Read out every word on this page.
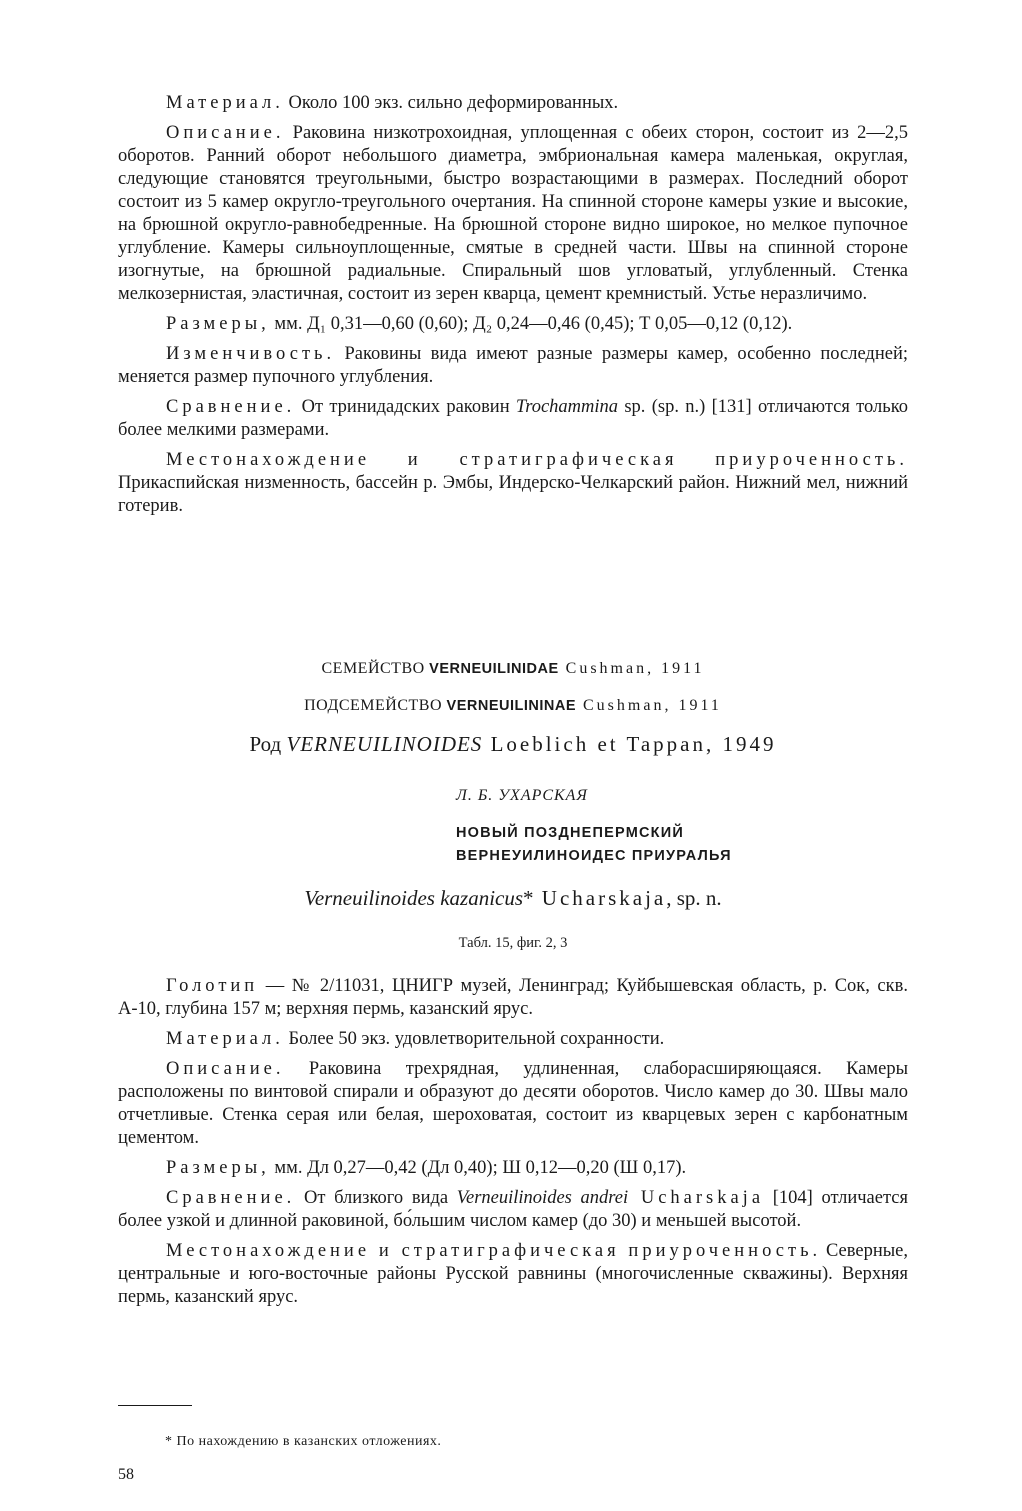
Материал. Около 100 экз. сильно деформированных.

Описание. Раковина низкотрохоидная, уплощенная с обеих сторон, состоит из 2—2,5 оборотов. Ранний оборот небольшого диаметра, эмбриональная камера маленькая, округлая, следующие становятся треугольными, быстро возрастающими в размерах. Последний оборот состоит из 5 камер округло-треугольного очертания. На спинной стороне камеры узкие и высокие, на брюшной округло-равнобедренные. На брюшной стороне видно широкое, но мелкое пупочное углубление. Камеры сильноуплощенные, смятые в средней части. Швы на спинной стороне изогнутые, на брюшной радиальные. Спиральный шов угловатый, углубленный. Стенка мелкозернистая, эластичная, состоит из зерен кварца, цемент кремнистый. Устье неразличимо.

Размеры, мм. Д₁ 0,31—0,60 (0,60); Д₂ 0,24—0,46 (0,45); Т 0,05—0,12 (0,12).

Изменчивость. Раковины вида имеют разные размеры камер, особенно последней; меняется размер пупочного углубления.

Сравнение. От тринидадских раковин Trochammina sp. (sp. n.) [131] отличаются только более мелкими размерами.

Местонахождение и стратиграфическая приуроченность. Прикаспийская низменность, бассейн р. Эмбы, Индерско-Челкарский район. Нижний мел, нижний готерив.

СЕМЕЙСТВО VERNEUILINIDAE Cushman, 1911
ПОДСЕМЕЙСТВО VERNEUILININAE Cushman, 1911
Род VERNEUILINOIDES Loeblich et Tappan, 1949
Л. Б. УХАРСКАЯ
НОВЫЙ ПОЗДНЕПЕРМСКИЙ
ВЕРНЕУИЛИНОИДЕС ПРИУРАЛЬЯ
Verneuilinoides kazanicus* Ucharskaja, sp. n.
Табл. 15, фиг. 2, 3

Голотип — № 2/11031, ЦНИГР музей, Ленинград; Куйбышевская область, р. Сок, скв. А-10, глубина 157 м; верхняя пермь, казанский ярус.

Материал. Более 50 экз. удовлетворительной сохранности.

Описание. Раковина трехрядная, удлиненная, слаборасширяющаяся. Камеры расположены по винтовой спирали и образуют до десяти оборотов. Число камер до 30. Швы мало отчетливые. Стенка серая или белая, шероховатая, состоит из кварцевых зерен с карбонатным цементом.

Размеры, мм. Дл 0,27—0,42 (Дл 0,40); Ш 0,12—0,20 (Ш 0,17).

Сравнение. От близкого вида Verneuilinoides andrei Ucharskaja [104] отличается более узкой и длинной раковиной, бо́льшим числом камер (до 30) и меньшей высотой.

Местонахождение и стратиграфическая приуроченность. Северные, центральные и юго-восточные районы Русской равнины (многочисленные скважины). Верхняя пермь, казанский ярус.

* По нахождению в казанских отложениях.
58
